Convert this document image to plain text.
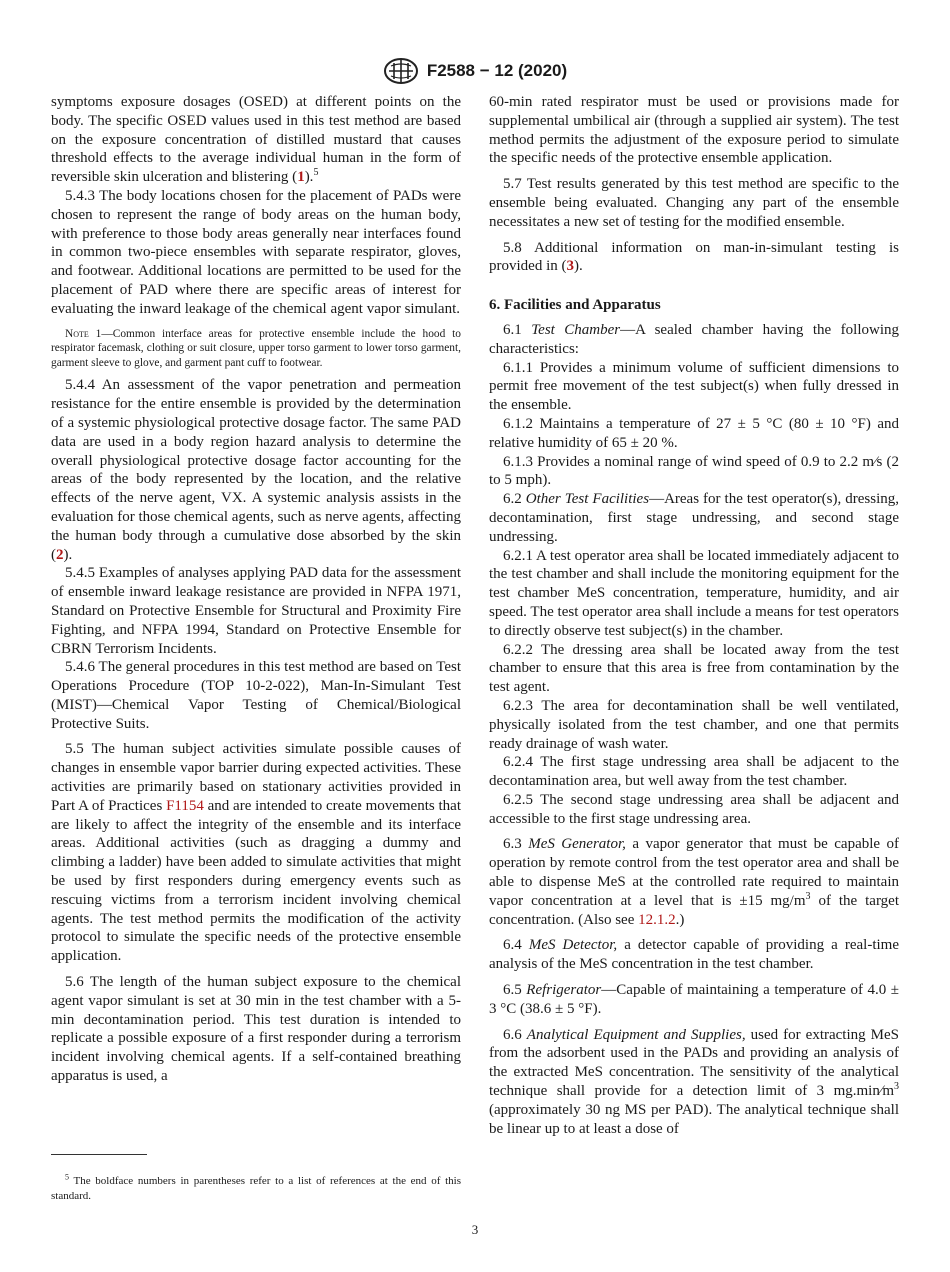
F2588 − 12 (2020)

symptoms exposure dosages (OSED) at different points on the body. The specific OSED values used in this test method are based on the exposure concentration of distilled mustard that causes threshold effects to the average individual human in the form of reversible skin ulceration and blistering (1).$^5$

5.4.3 The body locations chosen for the placement of PADs were chosen to represent the range of body areas on the human body, with preference to those body areas generally near interfaces found in common two-piece ensembles with separate respirator, gloves, and footwear. Additional locations are permitted to be used for the placement of PAD where there are specific areas of interest for evaluating the inward leakage of the chemical agent vapor simulant.

Note 1—Common interface areas for protective ensemble include the hood to respirator facemask, clothing or suit closure, upper torso garment to lower torso garment, garment sleeve to glove, and garment pant cuff to footwear.

5.4.4 An assessment of the vapor penetration and permeation resistance for the entire ensemble is provided by the determination of a systemic physiological protective dosage factor. The same PAD data are used in a body region hazard analysis to determine the overall physiological protective dosage factor accounting for the areas of the body represented by the location, and the relative effects of the nerve agent, VX. A systemic analysis assists in the evaluation for those chemical agents, such as nerve agents, affecting the human body through a cumulative dose absorbed by the skin (2).

5.4.5 Examples of analyses applying PAD data for the assessment of ensemble inward leakage resistance are provided in NFPA 1971, Standard on Protective Ensemble for Structural and Proximity Fire Fighting, and NFPA 1994, Standard on Protective Ensemble for CBRN Terrorism Incidents.

5.4.6 The general procedures in this test method are based on Test Operations Procedure (TOP 10-2-022), Man-In-Simulant Test (MIST)—Chemical Vapor Testing of Chemical/Biological Protective Suits.

5.5 The human subject activities simulate possible causes of changes in ensemble vapor barrier during expected activities. These activities are primarily based on stationary activities provided in Part A of Practices F1154 and are intended to create movements that are likely to affect the integrity of the ensemble and its interface areas. Additional activities (such as dragging a dummy and climbing a ladder) have been added to simulate activities that might be used by first responders during emergency events such as rescuing victims from a terrorism incident involving chemical agents. The test method permits the modification of the activity protocol to simulate the specific needs of the protective ensemble application.

5.6 The length of the human subject exposure to the chemical agent vapor simulant is set at 30 min in the test chamber with a 5-min decontamination period. This test duration is intended to replicate a possible exposure of a first responder during a terrorism incident involving chemical agents. If a self-contained breathing apparatus is used, a

60-min rated respirator must be used or provisions made for supplemental umbilical air (through a supplied air system). The test method permits the adjustment of the exposure period to simulate the specific needs of the protective ensemble application.

5.7 Test results generated by this test method are specific to the ensemble being evaluated. Changing any part of the ensemble necessitates a new set of testing for the modified ensemble.

5.8 Additional information on man-in-simulant testing is provided in (3).

6. Facilities and Apparatus

6.1 Test Chamber—A sealed chamber having the following characteristics:

6.1.1 Provides a minimum volume of sufficient dimensions to permit free movement of the test subject(s) when fully dressed in the ensemble.

6.1.2 Maintains a temperature of 27 ± 5 °C (80 ± 10 °F) and relative humidity of 65 ± 20 %.

6.1.3 Provides a nominal range of wind speed of 0.9 to 2.2 m⁄s (2 to 5 mph).

6.2 Other Test Facilities—Areas for the test operator(s), dressing, decontamination, first stage undressing, and second stage undressing.

6.2.1 A test operator area shall be located immediately adjacent to the test chamber and shall include the monitoring equipment for the test chamber MeS concentration, temperature, humidity, and air speed. The test operator area shall include a means for test operators to directly observe test subject(s) in the chamber.

6.2.2 The dressing area shall be located away from the test chamber to ensure that this area is free from contamination by the test agent.

6.2.3 The area for decontamination shall be well ventilated, physically isolated from the test chamber, and one that permits ready drainage of wash water.

6.2.4 The first stage undressing area shall be adjacent to the decontamination area, but well away from the test chamber.

6.2.5 The second stage undressing area shall be adjacent and accessible to the first stage undressing area.

6.3 MeS Generator, a vapor generator that must be capable of operation by remote control from the test operator area and shall be able to dispense MeS at the controlled rate required to maintain vapor concentration at a level that is ±15 $mg/m^3$ of the target concentration. (Also see 12.1.2.)

6.4 MeS Detector, a detector capable of providing a real-time analysis of the MeS concentration in the test chamber.

6.5 Refrigerator—Capable of maintaining a temperature of 4.0 ± 3 °C (38.6 ± 5 °F).

6.6 Analytical Equipment and Supplies, used for extracting MeS from the adsorbent used in the PADs and providing an analysis of the extracted MeS concentration. The sensitivity of the analytical technique shall provide for a detection limit of 3 $mg.\min⁄m^3$ (approximately 30 ng MS per PAD). The analytical technique shall be linear up to at least a dose of

$^5$ The boldface numbers in parentheses refer to a list of references at the end of this standard.

3
